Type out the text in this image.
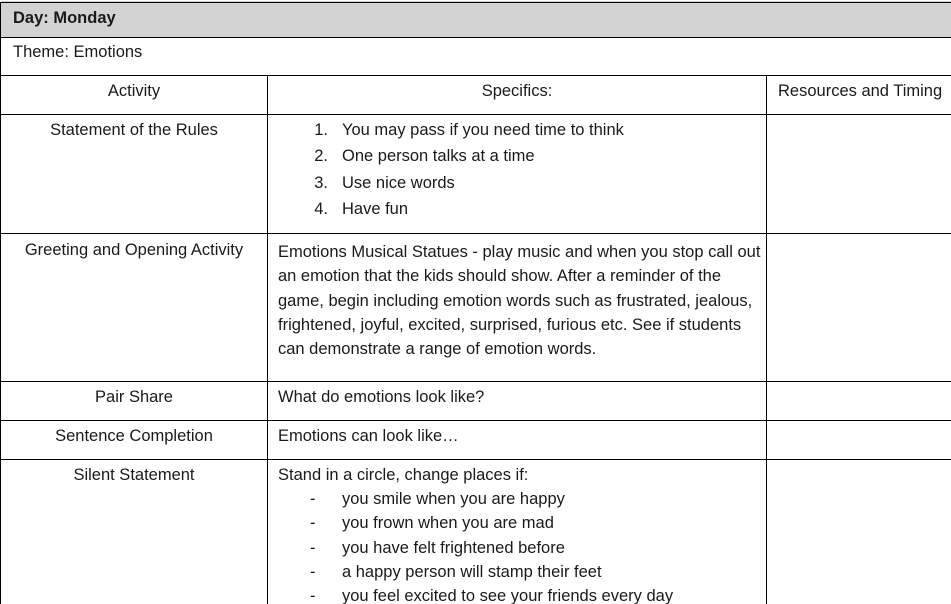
Day: Monday
Theme: Emotions
Activity	Specifics:	Resources and Timing
Statement of the Rules	1. You may pass if you need time to think
2. One person talks at a time
3. Use nice words
4. Have fun
Greeting and Opening Activity	Emotions Musical Statues - play music and when you stop call out an emotion that the kids should show. After a reminder of the game, begin including emotion words such as frustrated, jealous, frightened, joyful, excited, surprised, furious etc. See if students can demonstrate a range of emotion words.
Pair Share	What do emotions look like?
Sentence Completion	Emotions can look like…
Silent Statement	Stand in a circle, change places if:
- you smile when you are happy
- you frown when you are mad
- you have felt frightened before
- a happy person will stamp their feet
- you feel excited to see your friends every day
